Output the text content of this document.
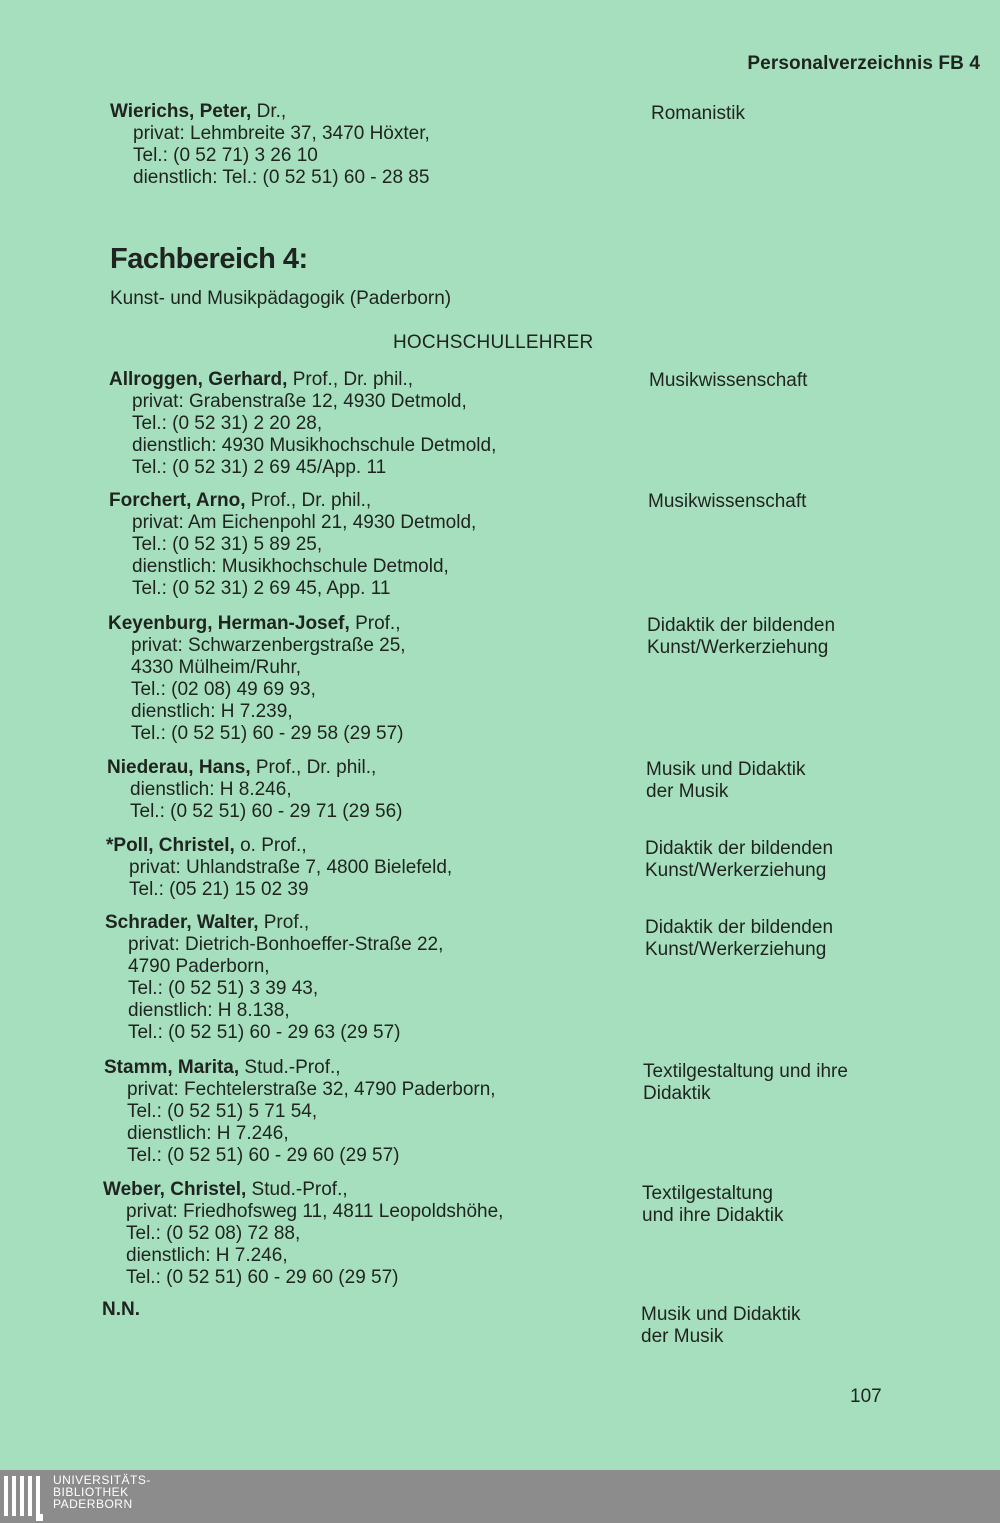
Personalverzeichnis FB 4
Wierichs, Peter, Dr.,
privat: Lehmbreite 37, 3470 Höxter,
Tel.: (0 52 71) 3 26 10
dienstlich: Tel.: (0 52 51) 60 - 28 85
Romanistik
Fachbereich 4:
Kunst- und Musikpädagogik (Paderborn)
HOCHSCHULLEHRER
Allroggen, Gerhard, Prof., Dr. phil.,
privat: Grabenstraße 12, 4930 Detmold,
Tel.: (0 52 31) 2 20 28,
dienstlich: 4930 Musikhochschule Detmold,
Tel.: (0 52 31) 2 69 45/App. 11
Musikwissenschaft
Forchert, Arno, Prof., Dr. phil.,
privat: Am Eichenpohl 21, 4930 Detmold,
Tel.: (0 52 31) 5 89 25,
dienstlich: Musikhochschule Detmold,
Tel.: (0 52 31) 2 69 45, App. 11
Musikwissenschaft
Keyenburg, Herman-Josef, Prof.,
privat: Schwarzenbergstraße 25,
4330 Mülheim/Ruhr,
Tel.: (02 08) 49 69 93,
dienstlich: H 7.239,
Tel.: (0 52 51) 60 - 29 58 (29 57)
Didaktik der bildenden
Kunst/Werkerziehung
Niederau, Hans, Prof., Dr. phil.,
dienstlich: H 8.246,
Tel.: (0 52 51) 60 - 29 71 (29 56)
Musik und Didaktik
der Musik
*Poll, Christel, o. Prof.,
privat: Uhlandstraße 7, 4800 Bielefeld,
Tel.: (05 21) 15 02 39
Didaktik der bildenden
Kunst/Werkerziehung
Schrader, Walter, Prof.,
privat: Dietrich-Bonhoeffer-Straße 22,
4790 Paderborn,
Tel.: (0 52 51) 3 39 43,
dienstlich: H 8.138,
Tel.: (0 52 51) 60 - 29 63 (29 57)
Didaktik der bildenden
Kunst/Werkerziehung
Stamm, Marita, Stud.-Prof.,
privat: Fechtelerstraße 32, 4790 Paderborn,
Tel.: (0 52 51) 5 71 54,
dienstlich: H 7.246,
Tel.: (0 52 51) 60 - 29 60 (29 57)
Textilgestaltung und ihre
Didaktik
Weber, Christel, Stud.-Prof.,
privat: Friedhofsweg 11, 4811 Leopoldshöhe,
Tel.: (0 52 08) 72 88,
dienstlich: H 7.246,
Tel.: (0 52 51) 60 - 29 60 (29 57)
Textilgestaltung
und ihre Didaktik
N.N.	Musik und Didaktik
der Musik
107
UNIVERSITÄTS-
BIBLIOTHEK
PADERBORN
